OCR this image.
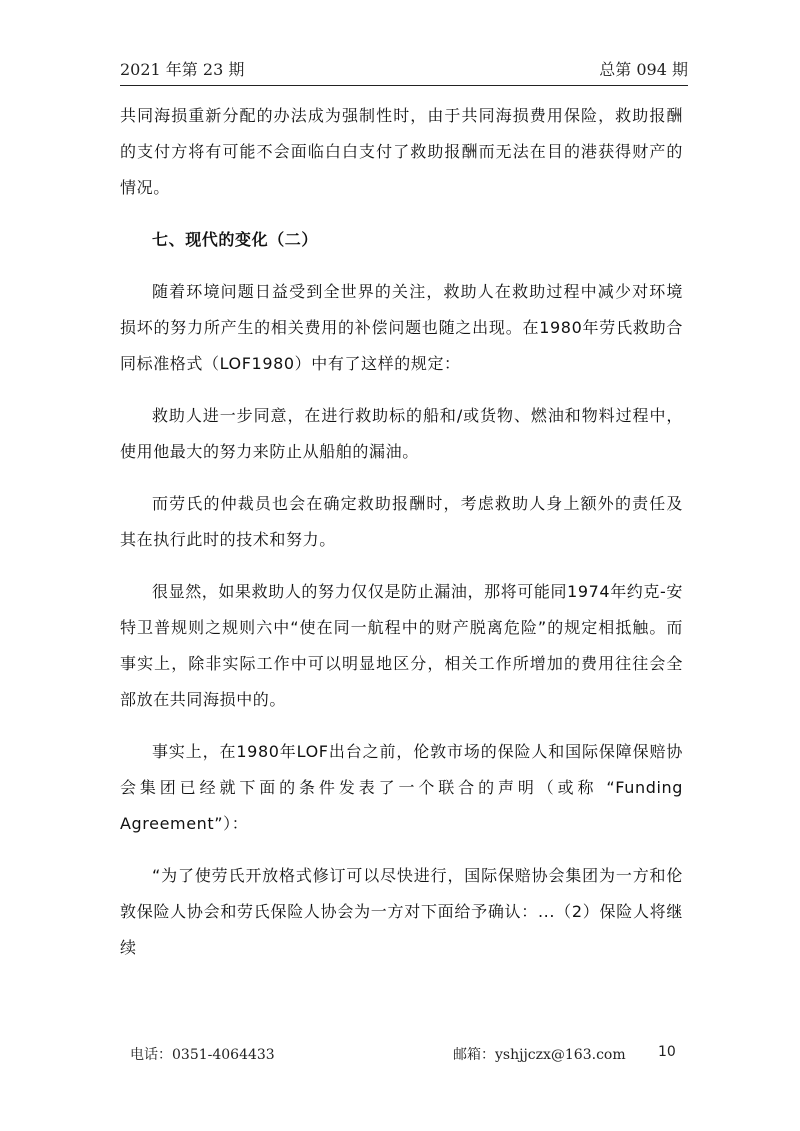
2021 年第 23 期	总第 094 期

共同海损重新分配的办法成为强制性时，由于共同海损费用保险，救助报酬的支付方将有可能不会面临白白支付了救助报酬而无法在目的港获得财产的情况。

七、现代的变化（二）

随着环境问题日益受到全世界的关注，救助人在救助过程中减少对环境损坏的努力所产生的相关费用的补偿问题也随之出现。在1980年劳氏救助合同标准格式（LOF1980）中有了这样的规定：

救助人进一步同意，在进行救助标的船和/或货物、燃油和物料过程中，使用他最大的努力来防止从船舶的漏油。

而劳氏的仲裁员也会在确定救助报酬时，考虑救助人身上额外的责任及其在执行此时的技术和努力。

很显然，如果救助人的努力仅仅是防止漏油，那将可能同1974年约克-安特卫普规则之规则六中“使在同一航程中的财产脱离危险”的规定相抵触。而事实上，除非实际工作中可以明显地区分，相关工作所增加的费用往往会全部放在共同海损中的。

事实上，在1980年LOF出台之前，伦敦市场的保险人和国际保障保赔协会集团已经就下面的条件发表了一个联合的声明（或称 “Funding Agreement”）：

“为了使劳氏开放格式修订可以尽快进行，国际保赔协会集团为一方和伦敦保险人协会和劳氏保险人协会为一方对下面给予确认：...（2）保险人将继续

电话：0351-4064433	邮箱：yshjjczx@163.com 10
